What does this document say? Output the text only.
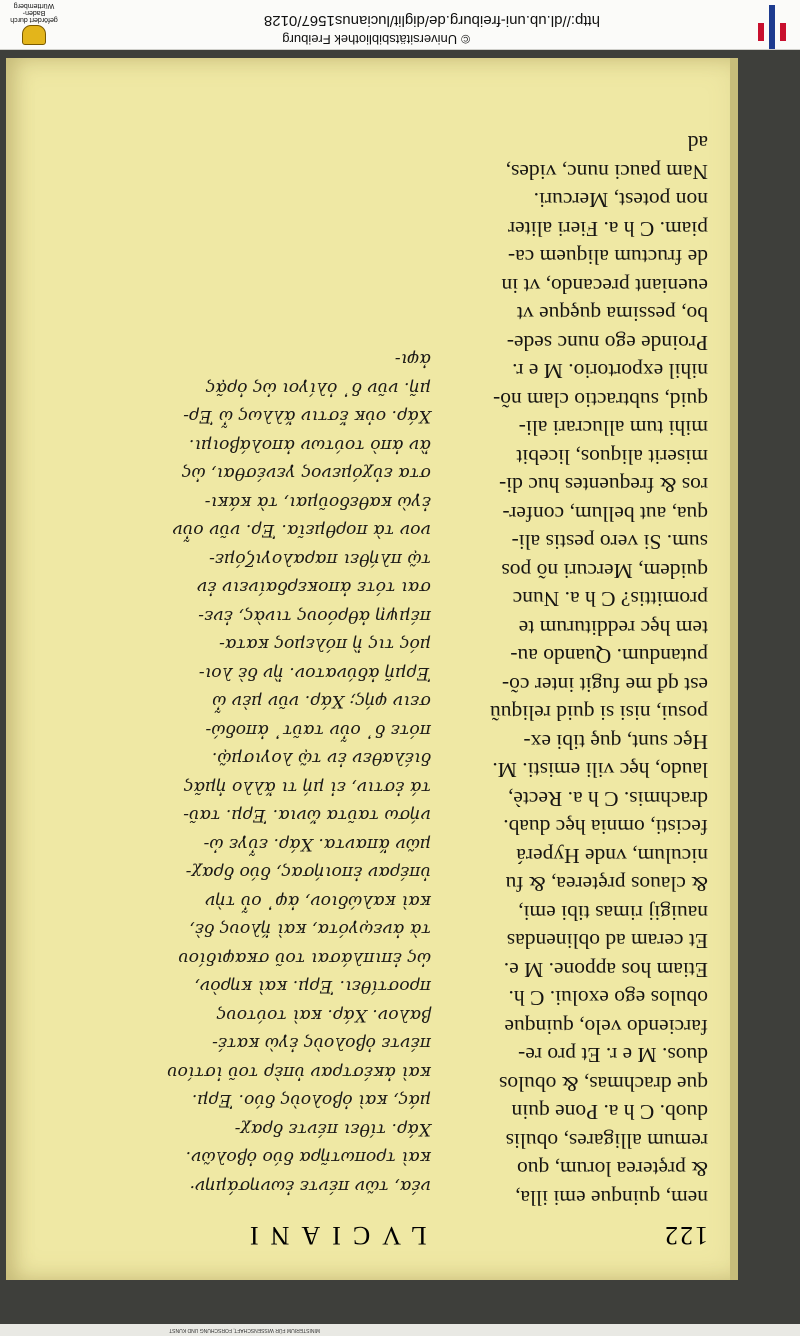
MINISTERIUM FÜR WISSENSCHAFT, FORSCHUNG UND KUNST
122
LVCIANI
nem, quinque emi illa,
& prȩterea lorum, quo
remum alligares, obulis
duob. C h a. Pone quin
que drachmas, & obulos
duos. M e r. Et pro re-
farciendo velo, quinque
obulos ego exolui. C h.
Etiam hos appone. M e.
Et ceram ad oblinendas
nauigij rimas tibi emi,
& clauos prȩterea, & fu
niculum, vnde Hyperá
fecisti, omnia hȩc duab.
drachmis. C h a. Rectè,
laudo, hȩc vili emisti. M.
Hȩc sunt, quȩ tibi ex-
posui, nisi si quid reliquũ
est qđ me fugit inter cõ-
putandum. Quando au-
tem hȩc redditurum te
promittis? C h a. Nunc
quidem, Mercuri nõ pos
sum. Si vero pestis ali-
qua, aut bellum, confer-
ros & frequentes huc di-
miserit aliquos, licebit
mihi tum allucrari ali-
quid, subtractio clam nõ-
nihil exportorio. M e r.
Proinde ego nunc sede-
bo, pessima quȩque vt
eueniant precando, vt in
de fructum aliquem ca-
piam. C h a. Fieri aliter
non potest, Mercuri.
Nam pauci nunc, vides,
ad
νέα, τῶν πέντε ἐωνησάμην·
καὶ τροπωτῆρα δύο ὀβολῶν.
Χάρ. τίθει πέντε δραχ-
μάς, καὶ ὀβολοὺς δύο. Ἑρμ.
καὶ ἀκέστραν ὑπὲρ τοῦ ἱστίου
πέντε ὀβολοὺς ἐγὼ κατέ-
βαλον. Χάρ. καὶ τούτους
προστίθει. Ἑρμ. καὶ κηρὸν,
ὡς ἐπιπλάσαι τοῦ σκαφιδίου
τὰ ἀνεῳγότα, καὶ ἥλους δὲ,
καὶ καλώδιον, ἀφ᾽ οὗ τὴν
ὑπέραν ἐποιήσας, δύο δραχ-
μῶν ἅπαντα. Χάρ. εὖγε ὠ-
νήσω ταῦτα ὤνια. Ἑρμ. ταῦ-
τά ἐστιν, εἰ μή τι ἄλλο ἡμᾶς
διέλαθεν ἐν τῷ λογισμῷ.
πότε δ᾽ οὖν ταῦτ᾽ ἀποδώ-
σειν φής; Χάρ. νῦν μὲν ὦ
Ἑρμῆ ἀδύνατον. ἢν δὲ λοι-
μός τις ἢ πόλεμος κατα-
πέμψῃ ἀθρόους τινὰς, ἐνε-
σαι τότε ἀποκερδαίνειν ἐν
τῷ πλήθει παραλογιζόμε-
νον τὰ πορθμεῖα. Ἑρ. νῦν οὖν
ἐγὼ καθεδοῦμαι, τὰ κάκι-
στα εὐχόμενος γενέσθαι, ὡς
ἂν ἀπὸ τούτων ἀπολάβοιμι.
Χάρ. οὐκ ἔστιν ἄλλως ὦ Ἑρ-
μῆ. νῦν δ᾽ ὀλίγοι ὡς ὁρᾷς
ἀφι-
http://dl.ub.uni-freiburg.de/diglit/lucianus1567/0128
©Universitätsbibliothek Freiburg
gefördert durch
Baden-Württemberg
